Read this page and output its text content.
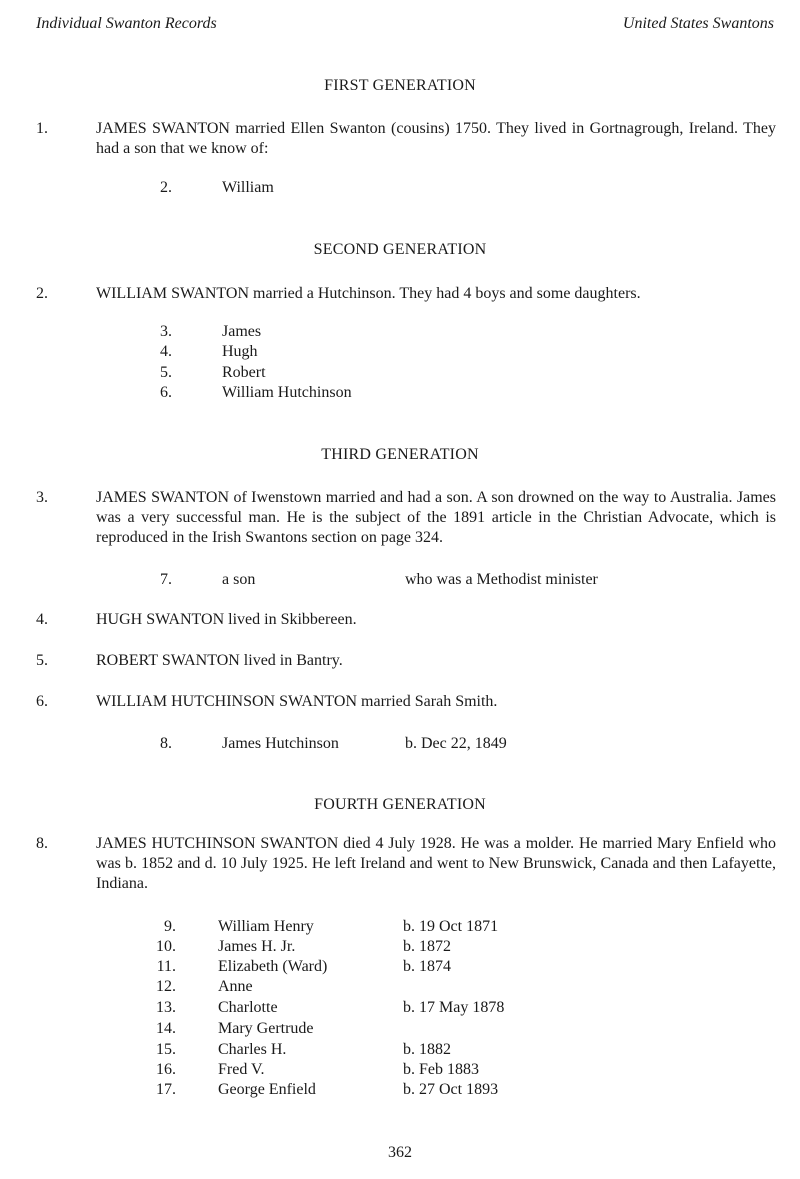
Individual Swanton Records	United States Swantons
FIRST GENERATION
1.	JAMES SWANTON married Ellen Swanton (cousins) 1750. They lived in Gortnagrough, Ireland. They had a son that we know of:
2.	William
SECOND GENERATION
2.	WILLIAM SWANTON married a Hutchinson. They had 4 boys and some daughters.
3.	James
4.	Hugh
5.	Robert
6.	William Hutchinson
THIRD GENERATION
3.	JAMES SWANTON of Iwenstown married and had a son. A son drowned on the way to Australia. James was a very successful man. He is the subject of the 1891 article in the Christian Advocate, which is reproduced in the Irish Swantons section on page 324.
7.	a son	who was a Methodist minister
4.	HUGH SWANTON lived in Skibbereen.
5.	ROBERT SWANTON lived in Bantry.
6.	WILLIAM HUTCHINSON SWANTON married Sarah Smith.
8.	James Hutchinson	b. Dec 22, 1849
FOURTH GENERATION
8.	JAMES HUTCHINSON SWANTON died 4 July 1928. He was a molder. He married Mary Enfield who was b. 1852 and d. 10 July 1925. He left Ireland and went to New Brunswick, Canada and then Lafayette, Indiana.
9.	William Henry	b. 19 Oct 1871
10.	James H. Jr.	b. 1872
11.	Elizabeth (Ward)	b. 1874
12.	Anne
13.	Charlotte	b. 17 May 1878
14.	Mary Gertrude
15.	Charles H.	b. 1882
16.	Fred V.	b. Feb 1883
17.	George Enfield	b. 27 Oct 1893
362
